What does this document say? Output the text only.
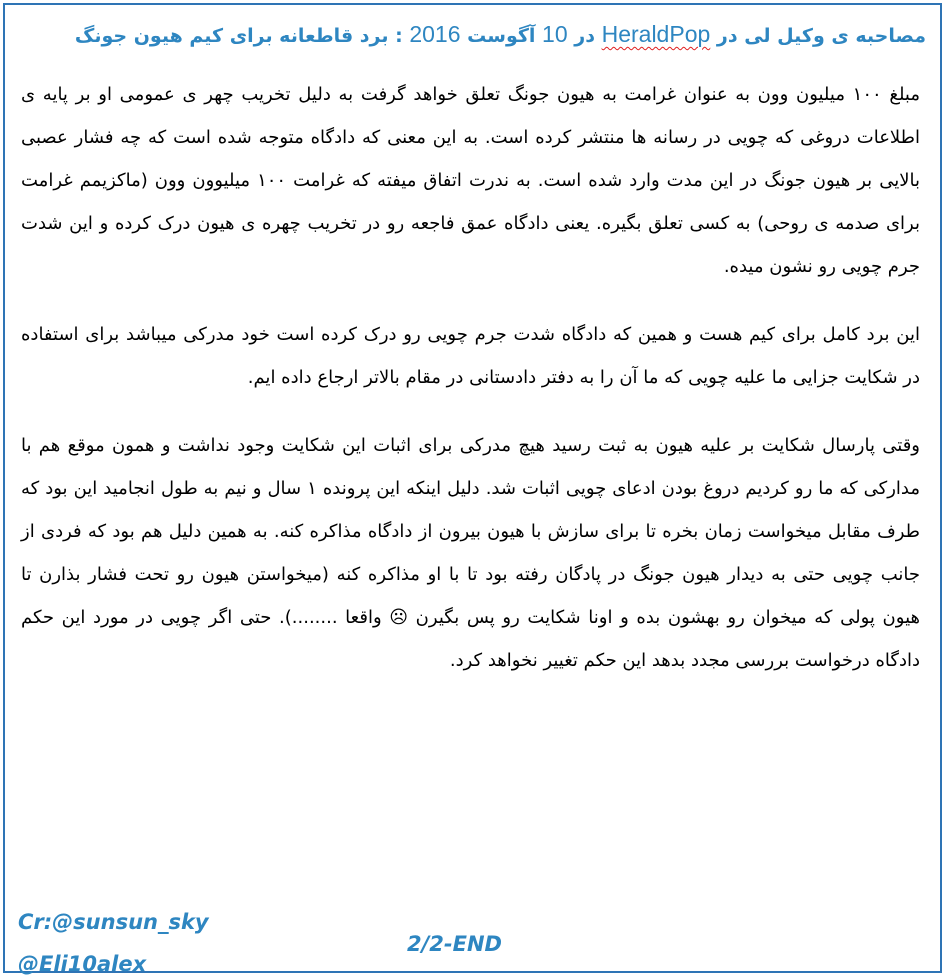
مصاحبه ی وکیل لی در HeraldPop در 10 آگوست 2016 : برد قاطعانه برای کیم هیون جونگ

مبلغ ۱۰۰ میلیون وون به عنوان غرامت به هیون جونگ تعلق خواهد گرفت به دلیل تخریب چهر ی عمومی او بر پایه ی اطلاعات دروغی که چویی در رسانه ها منتشر کرده است. به این معنی که دادگاه متوجه شده است که چه فشار عصبی بالایی بر هیون جونگ در این مدت وارد شده است. به ندرت اتفاق میفته که غرامت ۱۰۰ میلیوون وون (ماکزیمم غرامت برای صدمه ی روحی) به کسی تعلق بگیره. یعنی دادگاه عمق فاجعه رو در تخریب چهره ی هیون درک کرده و این شدت جرم چویی رو نشون میده.

این برد کامل برای کیم هست و همین که دادگاه شدت جرم چویی رو درک کرده است خود مدرکی میباشد برای استفاده در شکایت جزایی ما علیه چویی که ما آن را به دفتر دادستانی در مقام بالاتر ارجاع داده ایم.

وقتی پارسال شکایت بر علیه هیون به ثبت رسید هیچ مدرکی برای اثبات این شکایت وجود نداشت و همون موقع هم با مدارکی که ما رو کردیم دروغ بودن ادعای چویی اثبات شد. دلیل اینکه این پرونده ۱ سال و نیم به طول انجامید این بود که طرف مقابل میخواست زمان بخره تا برای سازش با هیون بیرون از دادگاه مذاکره کنه. به همین دلیل هم بود که فردی از جانب چویی حتی به دیدار هیون جونگ در پادگان رفته بود تا با او مذاکره کنه (میخواستن هیون رو تحت فشار بذارن تا هیون پولی که میخوان رو بهشون بده و اونا شکایت رو پس بگیرن ☹ واقعا ........). حتی اگر چویی در مورد این حکم دادگاه درخواست بررسی مجدد بدهد این حکم تغییر نخواهد کرد.

Cr:@sunsun_sky
2/2-END
@Eli10alex
